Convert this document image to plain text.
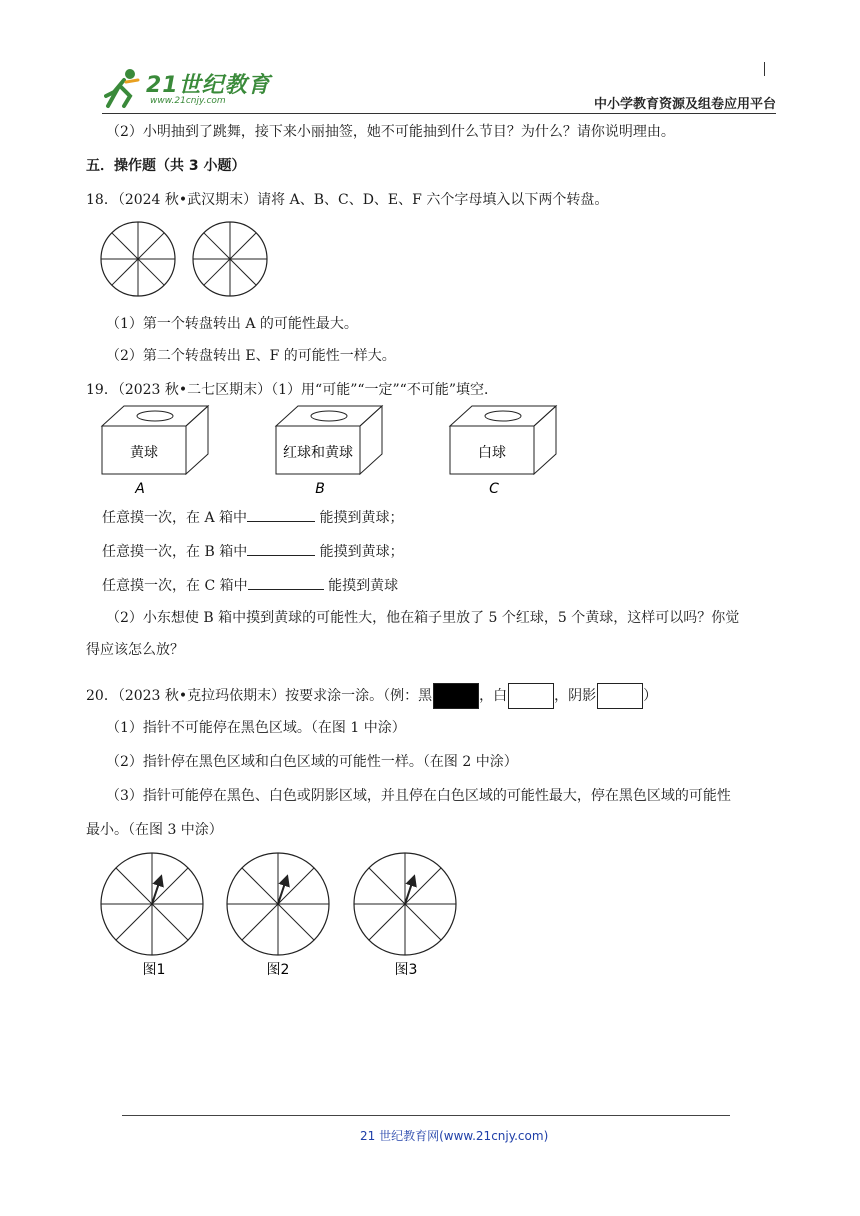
21世纪教育
www.21cnjy.com	中小学教育资源及组卷应用平台
（2）小明抽到了跳舞，接下来小丽抽签，她不可能抽到什么节目？为什么？请你说明理由。
五．操作题（共 3 小题）
18．（2024 秋•武汉期末）请将 A、B、C、D、E、F 六个字母填入以下两个转盘。
（1）第一个转盘转出 A 的可能性最大。
（2）第二个转盘转出 E、F 的可能性一样大。
19．（2023 秋•二七区期末）（1）用“可能”“一定”“不可能”填空．
黄球	红球和黄球	白球
A	B	C
任意摸一次，在 A 箱中	能摸到黄球；
任意摸一次，在 B 箱中	能摸到黄球；
任意摸一次，在 C 箱中	能摸到黄球
（2）小东想使 B 箱中摸到黄球的可能性大，他在箱子里放了 5 个红球，5 个黄球，这样可以吗？你觉
得应该怎么放？
20．（2023 秋•克拉玛依期末）按要求涂一涂。（例：黑	，白	，阴影	）
（1）指针不可能停在黑色区域。（在图 1 中涂）
（2）指针停在黑色区域和白色区域的可能性一样。（在图 2 中涂）
（3）指针可能停在黑色、白色或阴影区域，并且停在白色区域的可能性最大，停在黑色区域的可能性
最小。（在图 3 中涂）
图1	图2	图3
21 世纪教育网(www.21cnjy.com)
